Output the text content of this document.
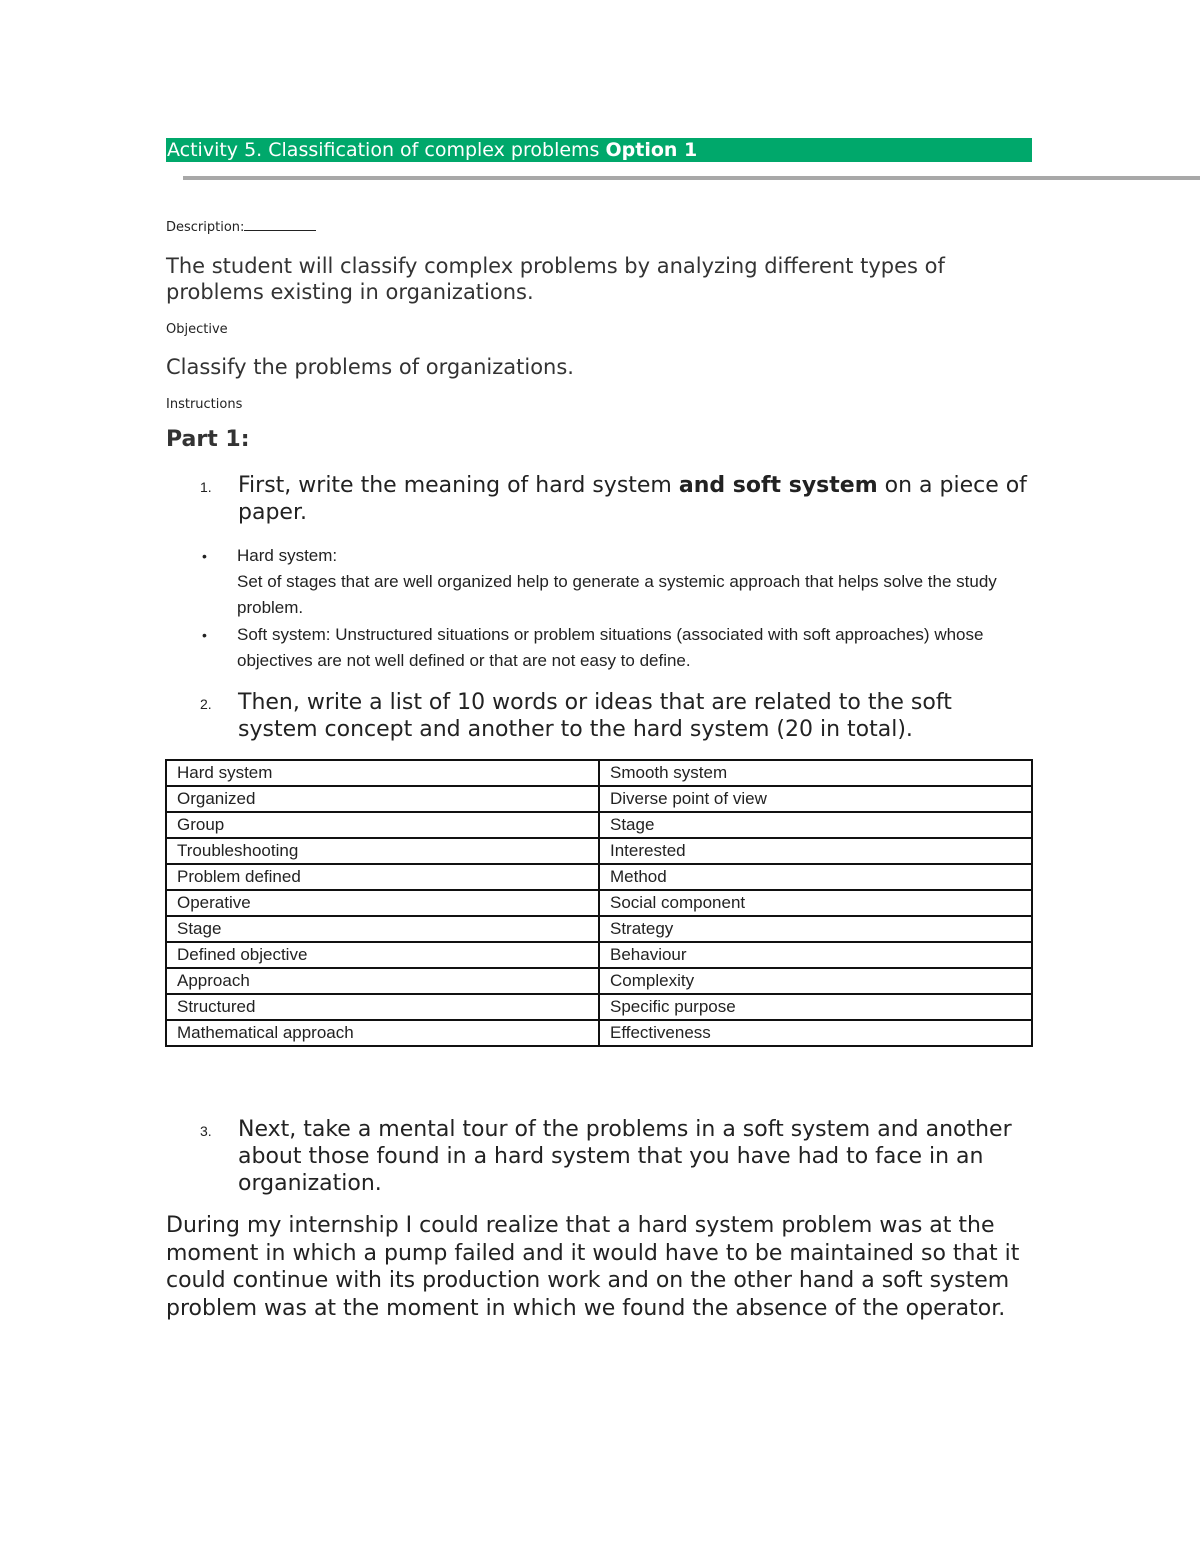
Activity 5. Classification of complex problems Option 1
Description:
The student will classify complex problems by analyzing different types of problems existing in organizations.
Objective
Classify the problems of organizations.
Instructions
Part 1:
1. First, write the meaning of hard system and soft system on a piece of paper.
• Hard system:
Set of stages that are well organized help to generate a systemic approach that helps solve the study problem.
• Soft system: Unstructured situations or problem situations (associated with soft approaches) whose objectives are not well defined or that are not easy to define.
2. Then, write a list of 10 words or ideas that are related to the soft system concept and another to the hard system (20 in total).
Hard system	Smooth system
Organized	Diverse point of view
Group	Stage
Troubleshooting	Interested
Problem defined	Method
Operative	Social component
Stage	Strategy
Defined objective	Behaviour
Approach	Complexity
Structured	Specific purpose
Mathematical approach	Effectiveness
3. Next, take a mental tour of the problems in a soft system and another about those found in a hard system that you have had to face in an organization.
During my internship I could realize that a hard system problem was at the moment in which a pump failed and it would have to be maintained so that it could continue with its production work and on the other hand a soft system problem was at the moment in which we found the absence of the operator.
